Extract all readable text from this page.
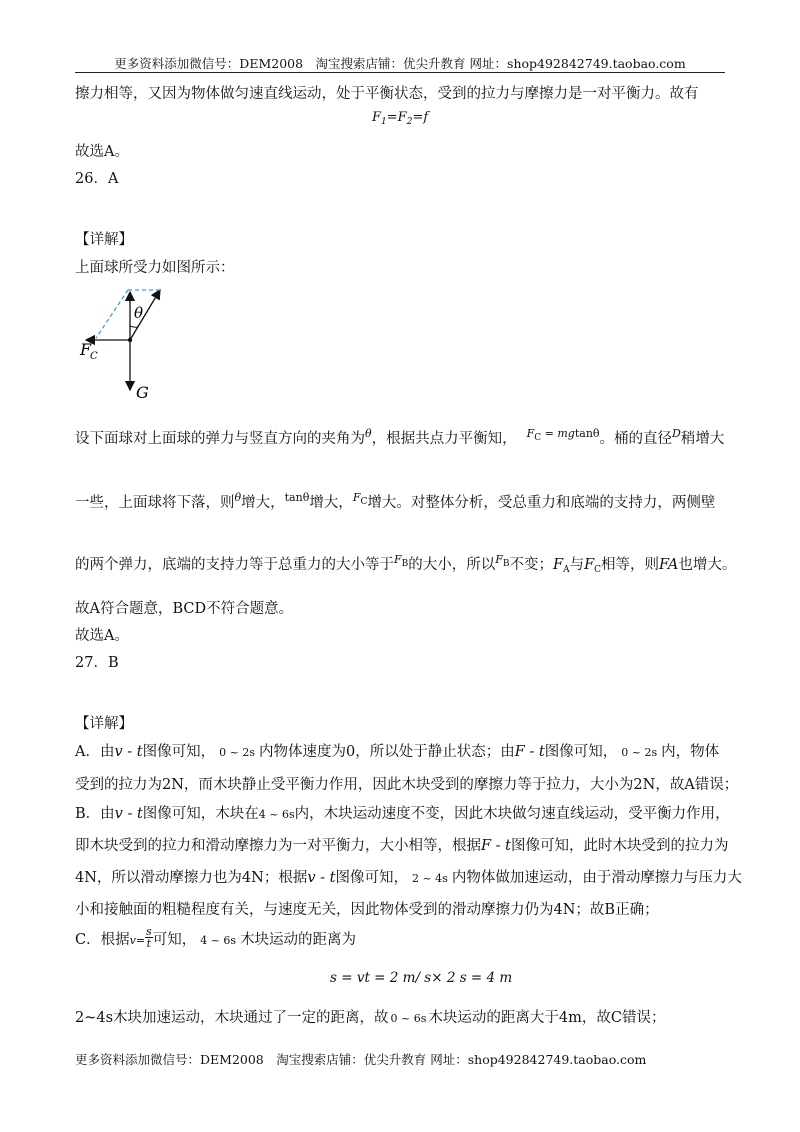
更多资料添加微信号：DEM2008　淘宝搜索店铺：优尖升教育 网址：shop492842749.taobao.com
擦力相等，又因为物体做匀速直线运动，处于平衡状态，受到的拉力与摩擦力是一对平衡力。故有
$F_1=F_2=f$
故选A。
26．A
【详解】
上面球所受力如图所示：
θ
F
C
G
设下面球对上面球的弹力与竖直方向的夹角为$^\theta$，根据共点力平衡知， $^{F_C = mgtan\theta}$。桶的直径$^D$稍增大
一些，上面球将下落，则$^\theta$增大，$^{tan\theta}$增大，$^{F_C}$增大。对整体分析，受总重力和底端的支持力，两侧壁
的两个弹力，底端的支持力等于总重力的大小等于$^{F_B}$的大小，所以$^{F_B}$不变；$F_A$与$F_C$相等，则FA也增大。
故A符合题意，BCD不符合题意。
故选A。
27．B
【详解】
A．由v - t图像可知， 0 ~ 2s 内物体速度为0，所以处于静止状态；由F - t图像可知， 0 ~ 2s 内，物体
受到的拉力为2N，而木块静止受平衡力作用，因此木块受到的摩擦力等于拉力，大小为2N，故A错误；
B．由v - t图像可知，木块在4 ~ 6s内，木块运动速度不变，因此木块做匀速直线运动，受平衡力作用，
即木块受到的拉力和滑动摩擦力为一对平衡力，大小相等，根据F - t图像可知，此时木块受到的拉力为
4N，所以滑动摩擦力也为4N；根据v - t图像可知， 2 ~ 4s 内物体做加速运动，由于滑动摩擦力与压力大
小和接触面的粗糙程度有关，与速度无关，因此物体受到的滑动摩擦力仍为4N；故B正确；
C．根据$v= \frac{s}{t}$ 可知， 4 ~ 6s 木块运动的距离为
s = vt = 2 m/ s× 2 s = 4 m
2~4s木块加速运动，木块通过了一定的距离，故 0 ~ 6s 木块运动的距离大于4m，故C错误；
更多资料添加微信号：DEM2008　淘宝搜索店铺：优尖升教育 网址：shop492842749.taobao.com
